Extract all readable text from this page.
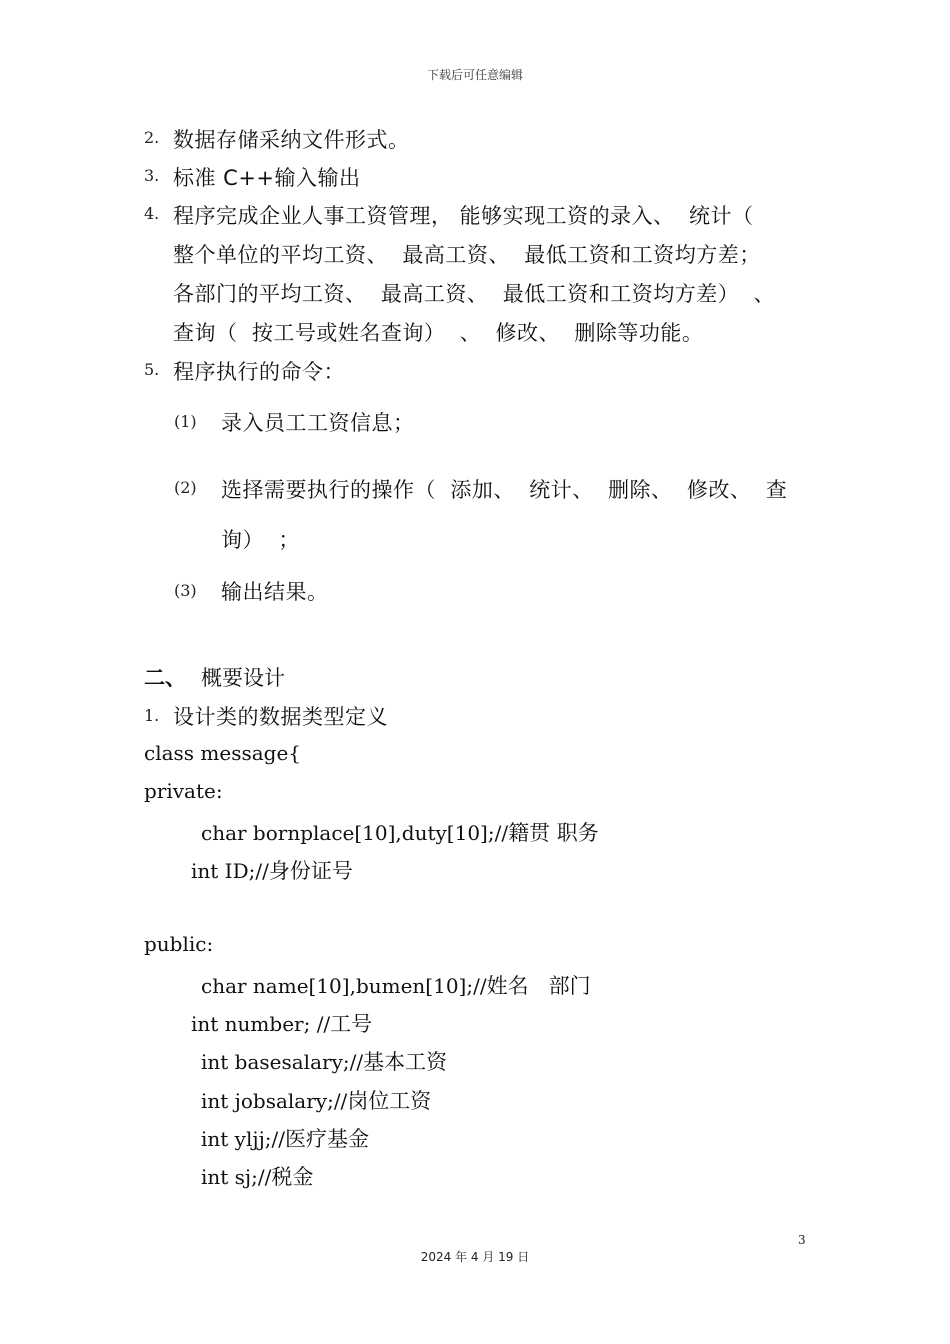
下载后可任意编辑
2. 数据存储采纳文件形式。
3. 标准 C++输入输出
4. 程序完成企业人事工资管理， 能够实现工资的录入、  统计（
整个单位的平均工资、  最高工资、  最低工资和工资均方差；
各部门的平均工资、  最高工资、  最低工资和工资均方差）  、
查询（  按工号或姓名查询）  、  修改、  删除等功能。
5. 程序执行的命令：
(1) 录入员工工资信息；
(2) 选择需要执行的操作（  添加、  统计、  删除、  修改、  查
询）  ；
(3) 输出结果。
二、 概要设计
1. 设计类的数据类型定义
class message{
private:
char bornplace[10],duty[10];//籍贯 职务
int ID;//身份证号
public:
char name[10],bumen[10];//姓名   部门
int number; //工号
int basesalary;//基本工资
int jobsalary;//岗位工资
int yljj;//医疗基金
int sj;//税金
3
2024 年 4 月 19 日
